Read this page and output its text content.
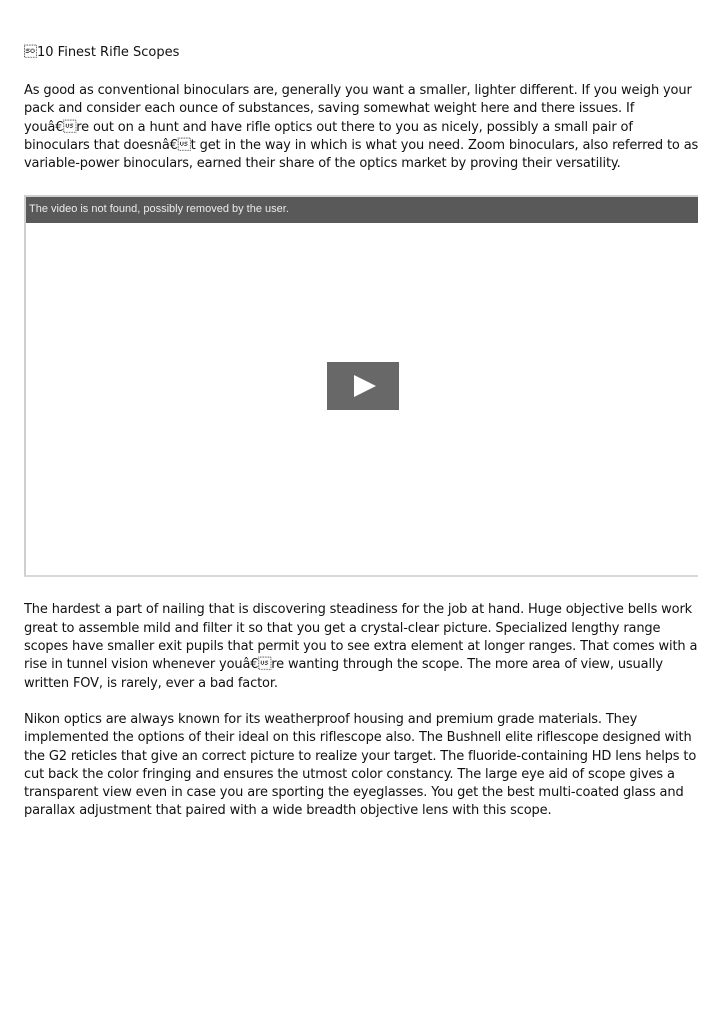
10 Finest Rifle Scopes

As good as conventional binoculars are, generally you want a smaller, lighter different. If you weigh your pack and consider each ounce of substances, saving somewhat weight here and there issues. If youâ€re out on a hunt and have rifle optics out there to you as nicely, possibly a small pair of binoculars that doesnâ€t get in the way in which is what you need. Zoom binoculars, also referred to as variable-power binoculars, earned their share of the optics market by proving their versatility.

The video is not found, possibly removed by the user.

The hardest a part of nailing that is discovering steadiness for the job at hand. Huge objective bells work great to assemble mild and filter it so that you get a crystal-clear picture. Specialized lengthy range scopes have smaller exit pupils that permit you to see extra element at longer ranges. That comes with a rise in tunnel vision whenever youâ€re wanting through the scope. The more area of view, usually written FOV, is rarely, ever a bad factor.

Nikon optics are always known for its weatherproof housing and premium grade materials. They implemented the options of their ideal on this riflescope also. The Bushnell elite riflescope designed with the G2 reticles that give an correct picture to realize your target. The fluoride-containing HD lens helps to cut back the color fringing and ensures the utmost color constancy. The large eye aid of scope gives a transparent view even in case you are sporting the eyeglasses. You get the best multi-coated glass and parallax adjustment that paired with a wide breadth objective lens with this scope.
